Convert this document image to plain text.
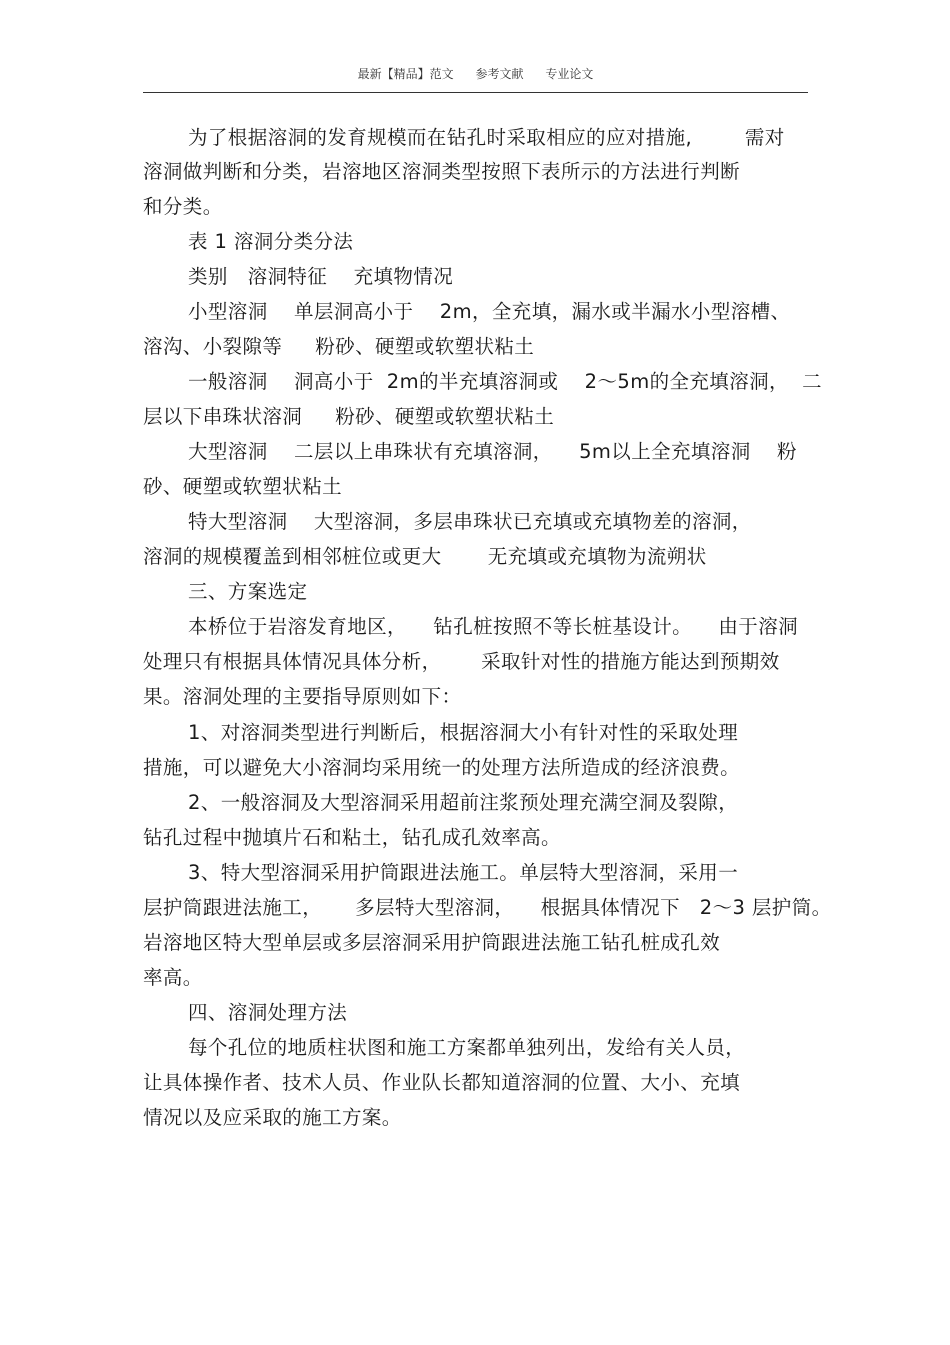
最新【精品】范文 参考文献 专业论文
为了根据溶洞的发育规模而在钻孔时采取相应的应对措施,        需对
溶洞做判断和分类，岩溶地区溶洞类型按照下表所示的方法进行判断
和分类。
表 1 溶洞分类分法
类别   溶洞特征    充填物情况
小型溶洞    单层洞高小于    2m，全充填，漏水或半漏水小型溶槽、
溶沟、小裂隙等     粉砂、硬塑或软塑状粘土
一般溶洞    洞高小于  2m的半充填溶洞或    2～5m的全充填溶洞，  二
层以下串珠状溶洞     粉砂、硬塑或软塑状粘土
大型溶洞    二层以上串珠状有充填溶洞，    5m以上全充填溶洞    粉
砂、硬塑或软塑状粘土
特大型溶洞    大型溶洞，多层串珠状已充填或充填物差的溶洞，
溶洞的规模覆盖到相邻桩位或更大       无充填或充填物为流朔状
三、方案选定
本桥位于岩溶发育地区，    钻孔桩按照不等长桩基设计。    由于溶洞
处理只有根据具体情况具体分析，      采取针对性的措施方能达到预期效
果。溶洞处理的主要指导原则如下：
1、对溶洞类型进行判断后，根据溶洞大小有针对性的采取处理
措施，可以避免大小溶洞均采用统一的处理方法所造成的经济浪费。
2、一般溶洞及大型溶洞采用超前注浆预处理充满空洞及裂隙，
钻孔过程中抛填片石和粘土，钻孔成孔效率高。
3、特大型溶洞采用护筒跟进法施工。单层特大型溶洞，采用一
层护筒跟进法施工，     多层特大型溶洞，    根据具体情况下   2～3 层护筒。
岩溶地区特大型单层或多层溶洞采用护筒跟进法施工钻孔桩成孔效
率高。
四、溶洞处理方法
每个孔位的地质柱状图和施工方案都单独列出，发给有关人员，
让具体操作者、技术人员、作业队长都知道溶洞的位置、大小、充填
情况以及应采取的施工方案。
